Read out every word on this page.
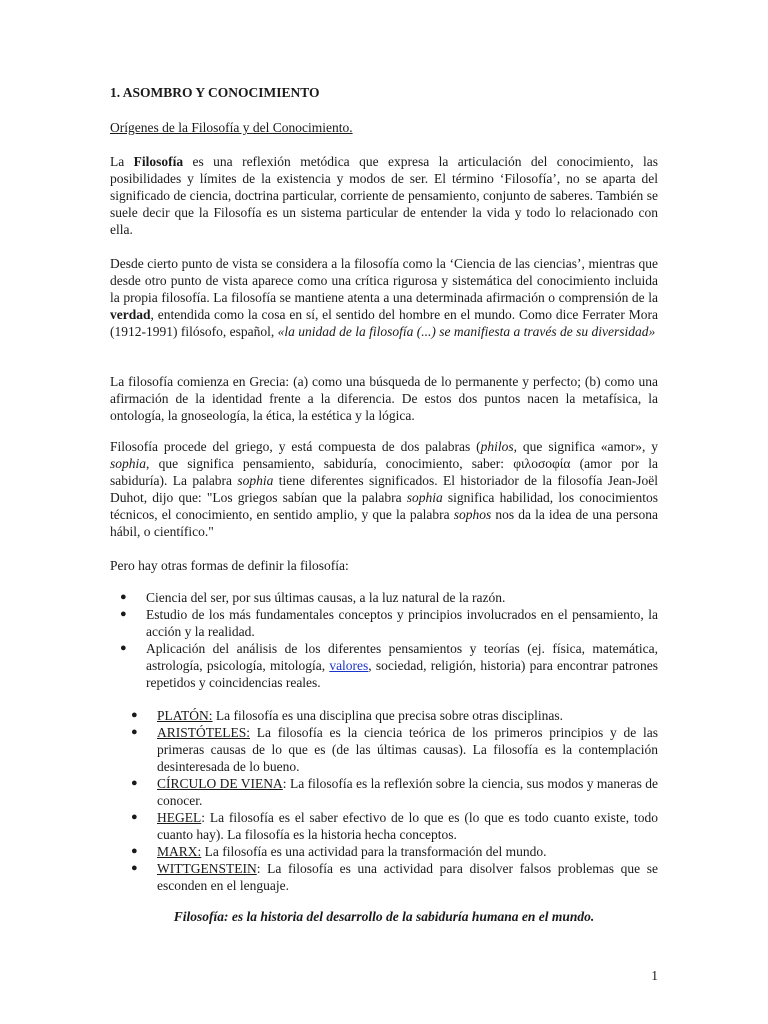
1. ASOMBRO Y CONOCIMIENTO
Orígenes de la Filosofía y del Conocimiento.

La Filosofía es una reflexión metódica que expresa la articulación del conocimiento, las posibilidades y límites de la existencia y modos de ser. El término ‘Filosofía’, no se aparta del significado de ciencia, doctrina particular, corriente de pensamiento, conjunto de saberes. También se suele decir que la Filosofía es un sistema particular de entender la vida y todo lo relacionado con ella.

Desde cierto punto de vista se considera a la filosofía como la ‘Ciencia de las ciencias’, mientras que desde otro punto de vista aparece como una crítica rigurosa y sistemática del conocimiento incluida la propia filosofía. La filosofía se mantiene atenta a una determinada afirmación o comprensión de la verdad, entendida como la cosa en sí, el sentido del hombre en el mundo. Como dice Ferrater Mora (1912-1991) filósofo, español, «la unidad de la filosofía (...) se manifiesta a través de su diversidad»

La filosofía comienza en Grecia: (a) como una búsqueda de lo permanente y perfecto; (b) como una afirmación de la identidad frente a la diferencia. De estos dos puntos nacen la metafísica, la ontología, la gnoseología, la ética, la estética y la lógica.

Filosofía procede del griego, y está compuesta de dos palabras (philos, que significa «amor», y sophia, que significa pensamiento, sabiduría, conocimiento, saber: φιλοσοφία (amor por la sabiduría). La palabra sophia tiene diferentes significados. El historiador de la filosofía Jean-Joël Duhot, dijo que: "Los griegos sabían que la palabra sophia significa habilidad, los conocimientos técnicos, el conocimiento, en sentido amplio, y que la palabra sophos nos da la idea de una persona hábil, o científico."

Pero hay otras formas de definir la filosofía:

● Ciencia del ser, por sus últimas causas, a la luz natural de la razón.
● Estudio de los más fundamentales conceptos y principios involucrados en el pensamiento, la acción y la realidad.
● Aplicación del análisis de los diferentes pensamientos y teorías (ej. física, matemática, astrología, psicología, mitología, valores, sociedad, religión, historia) para encontrar patrones repetidos y coincidencias reales.
● PLATÓN: La filosofía es una disciplina que precisa sobre otras disciplinas.
● ARISTÓTELES: La filosofía es la ciencia teórica de los primeros principios y de las primeras causas de lo que es (de las últimas causas). La filosofía es la contemplación desinteresada de lo bueno.
● CÍRCULO DE VIENA: La filosofía es la reflexión sobre la ciencia, sus modos y maneras de conocer.
● HEGEL: La filosofía es el saber efectivo de lo que es (lo que es todo cuanto existe, todo cuanto hay). La filosofía es la historia hecha conceptos.
● MARX: La filosofía es una actividad para la transformación del mundo.
● WITTGENSTEIN: La filosofía es una actividad para disolver falsos problemas que se esconden en el lenguaje.
Filosofía: es la historia del desarrollo de la sabiduría humana en el mundo.
1
